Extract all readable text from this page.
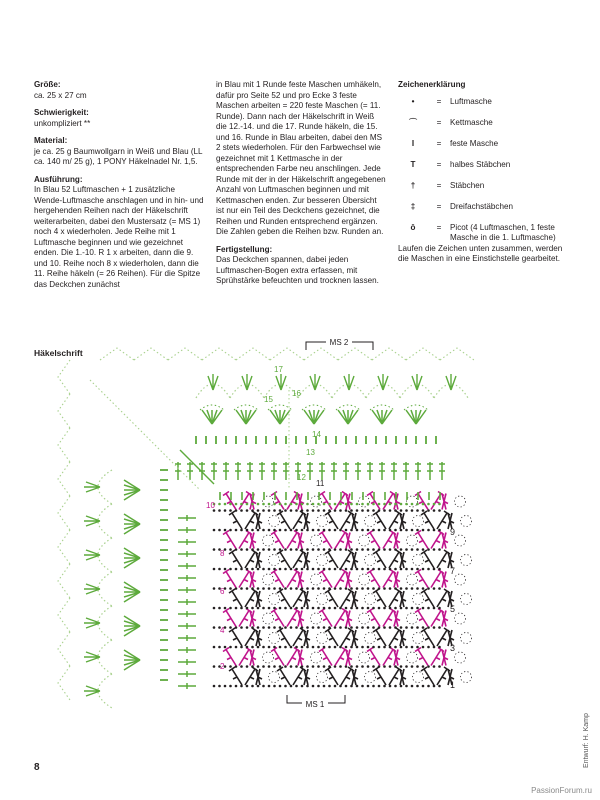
Größe:

ca. 25 x 27 cm

Schwierigkeit:

unkompliziert **

Material:

je ca. 25 g Baumwollgarn in Weiß und Blau (LL ca. 140 m/ 25 g), 1 PONY Häkelnadel Nr. 1,5.

Ausführung:

In Blau 52 Luftmaschen + 1 zusätzliche Wende-Luftmasche anschlagen und in hin- und hergehenden Reihen nach der Häkelschrift weiterarbeiten, dabei den Mustersatz (= MS 1) noch 4 x wiederholen. Jede Reihe mit 1 Luftmasche beginnen und wie gezeichnet enden. Die 1.-10. R 1 x arbeiten, dann die 9. und 10. Reihe noch 8 x wiederholen, dann die 11. Reihe häkeln (= 26 Reihen). Für die Spitze das Deckchen zunächst

in Blau mit 1 Runde feste Maschen umhäkeln, dafür pro Seite 52 und pro Ecke 3 feste Maschen arbeiten = 220 feste Maschen (= 11. Runde). Dann nach der Häkelschrift in Weiß die 12.-14. und die 17. Runde häkeln, die 15. und 16. Runde in Blau arbeiten, dabei den MS 2 stets wiederholen. Für den Farbwechsel wie gezeichnet mit 1 Kettmasche in der entsprechenden Farbe neu anschlingen. Jede Runde mit der in der Häkelschrift angegebenen Anzahl von Luftmaschen beginnen und mit Kettmaschen enden. Zur besseren Übersicht ist nur ein Teil des Deckchens gezeichnet, die Reihen und Runden entsprechend ergänzen. Die Zahlen geben die Reihen bzw. Runden an.

Fertigstellung:

Das Deckchen spannen, dabei jeden Luftmaschen-Bogen extra erfassen, mit Sprühstärke befeuchten und trocknen lassen.

Zeichenerklärung

•	=	Luftmasche
⌒	=	Kettmasche
I	=	feste Masche
T	=	halbes Stäbchen
†	=	Stäbchen
‡	=	Dreifachstäbchen
ȏ	=	Picot (4 Luftmaschen, 1 feste Masche in die 1. Luftmasche)

Laufen die Zeichen unten zusammen, werden die Maschen in eine Einstichstelle gearbeitet.

Häkelschrift
MS 2
MS 1
17
16
15
14
13
12
11
9
7
5
3
1
10
8
6
4
2
8	Entwurf: H. Kamp
PassionForum.ru
